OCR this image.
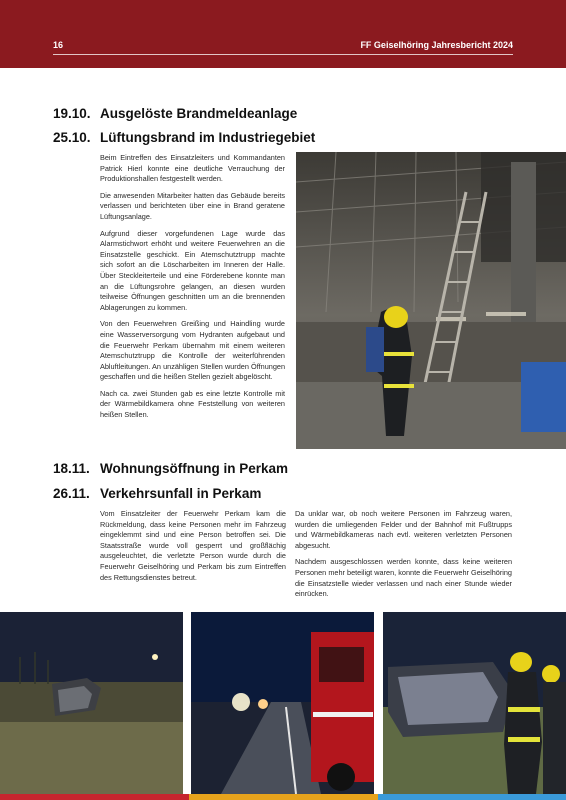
16	FF Geiselhöring Jahresbericht 2024
19.10. Ausgelöste Brandmeldeanlage
25.10. Lüftungsbrand im Industriegebiet

Beim Eintreffen des Einsatzleiters und Kommandanten Patrick Hierl konnte eine deutliche Verrauchung der Produktionshallen festgestellt werden.

Die anwesenden Mitarbeiter hatten das Gebäude bereits verlassen und berichteten über eine in Brand geratene Lüftungsanlage.

Aufgrund dieser vorgefundenen Lage wurde das Alarmstichwort erhöht und weitere Feuerwehren an die Einsatzstelle geschickt. Ein Atemschutztrupp machte sich sofort an die Löscharbeiten im Inneren der Halle. Über Steckleiterteile und eine Förderebene konnte man an die Lüftungsrohre gelangen, an diesen wurden teilweise Öffnungen geschnitten um an die brennenden Ablagerungen zu kommen.

Von den Feuerwehren Greißing und Haindling wurde eine Wasserversorgung vom Hydranten aufgebaut und die Feuerwehr Perkam übernahm mit einem weiteren Atemschutztrupp die Kontrolle der weiterführenden Abluftleitungen. An unzähligen Stellen wurden Öffnungen geschaffen und die heißen Stellen gezielt abgelöscht.

Nach ca. zwei Stunden gab es eine letzte Kontrolle mit der Wärmebildkamera ohne Feststellung von weiteren heißen Stellen.

18.11. Wohnungsöffnung in Perkam
26.11. Verkehrsunfall in Perkam

Vom Einsatzleiter der Feuerwehr Perkam kam die Rückmeldung, dass keine Personen mehr im Fahrzeug eingeklemmt sind und eine Person betroffen sei. Die Staatsstraße wurde voll gesperrt und großflächig ausgeleuchtet, die verletzte Person wurde durch die Feuerwehr Geiselhöring und Perkam bis zum Eintreffen des Rettungsdienstes betreut.

Da unklar war, ob noch weitere Personen im Fahrzeug waren, wurden die umliegenden Felder und der Bahnhof mit Fußtrupps und Wärmebildkameras nach evtl. weiteren verletzten Personen abgesucht.

Nachdem ausgeschlossen werden konnte, dass keine weiteren Personen mehr beteiligt waren, konnte die Feuerwehr Geiselhöring die Einsatzstelle wieder verlassen und nach einer Stunde wieder einrücken.
